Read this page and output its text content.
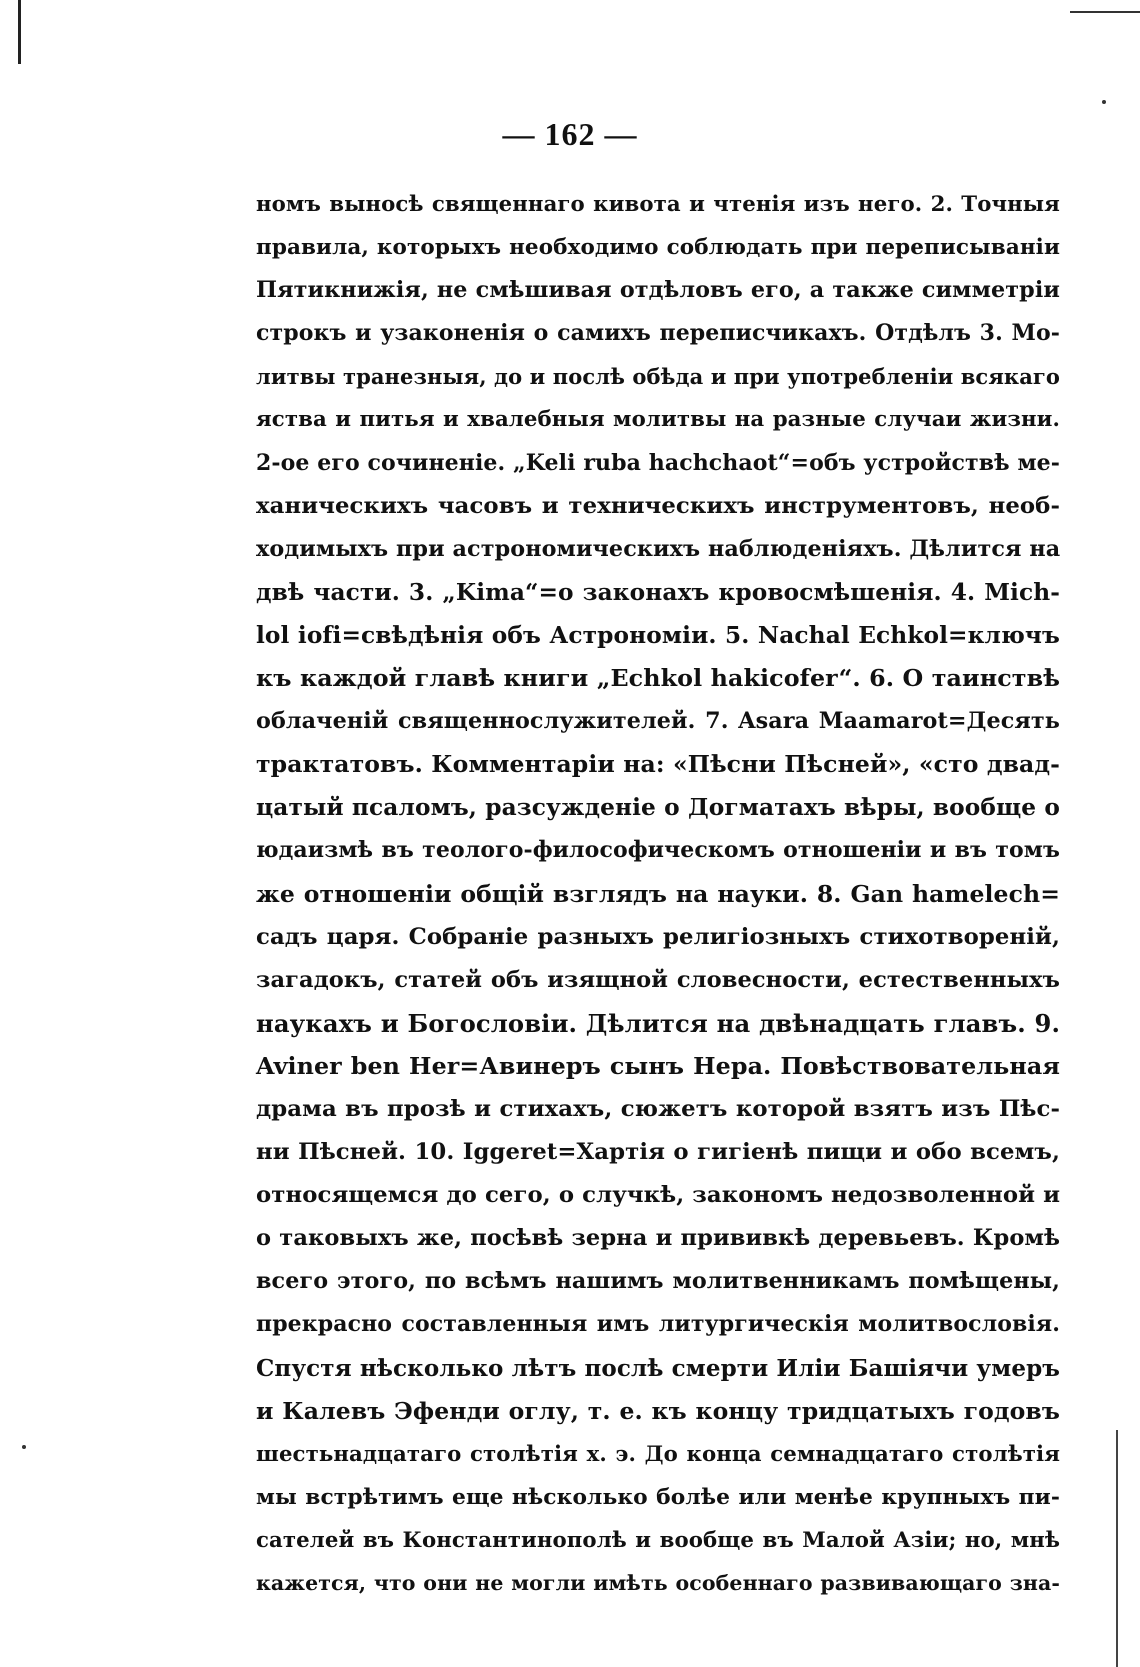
— 162 —
номъ выносѣ священнаго кивота и чтенія изъ него. 2. Точныя
правила, которыхъ необходимо соблюдать при переписываніи
Пятикнижія, не смѣшивая отдѣловъ его, а также симметріи
строкъ и узаконенія о самихъ переписчикахъ. Отдѣлъ 3. Мо-
литвы транезныя, до и послѣ обѣда и при употребленіи всякаго
яства и питья и хвалебныя молитвы на разные случаи жизни.
2-ое его сочиненіе. „Keli ruba hachchaot“=объ устройствѣ ме-
ханическихъ часовъ и техническихъ инструментовъ, необ-
ходимыхъ при астрономическихъ наблюденіяхъ. Дѣлится на
двѣ части. 3. „Kima“=о законахъ кровосмѣшенія. 4. Mich-
lol iofi=свѣдѣнія объ Астрономіи. 5. Nachal Echkol=ключъ
къ каждой главѣ книги „Echkol hakicofer“. 6. О таинствѣ
облаченій священнослужителей. 7. Asara Maamarot=Десять
трактатовъ. Комментаріи на: «Пѣсни Пѣсней», «сто двад-
цатый псаломъ, разсужденіе о Догматахъ вѣры, вообще о
юдаизмѣ въ теолого-философическомъ отношеніи и въ томъ
же отношеніи общій взглядъ на науки. 8. Gan hamelech=
садъ царя. Собраніе разныхъ религіозныхъ стихотвореній,
загадокъ, статей объ изящной словесности, естественныхъ
наукахъ и Богословіи. Дѣлится на двѣнадцать главъ. 9.
Aviner ben Her=Авинеръ сынъ Нера. Повѣствовательная
драма въ прозѣ и стихахъ, сюжетъ которой взятъ изъ Пѣс-
ни Пѣсней. 10. Iggeret=Хартія о гигіенѣ пищи и обо всемъ,
относящемся до сего, о случкѣ, закономъ недозволенной и
о таковыхъ же, посѣвѣ зерна и прививкѣ деревьевъ. Кромѣ
всего этого, по всѣмъ нашимъ молитвенникамъ помѣщены,
прекрасно составленныя имъ литургическія молитвословія.
Спустя нѣсколько лѣтъ послѣ смерти Иліи Башіячи умеръ
и Калевъ Эфенди оглу, т. е. къ концу тридцатыхъ годовъ
шестьнадцатаго столѣтія х. э. До конца семнадцатаго столѣтія
мы встрѣтимъ еще нѣсколько болѣе или менѣе крупныхъ пи-
сателей въ Константинополѣ и вообще въ Малой Азіи; но, мнѣ
кажется, что они не могли имѣть особеннаго развивающаго зна-
